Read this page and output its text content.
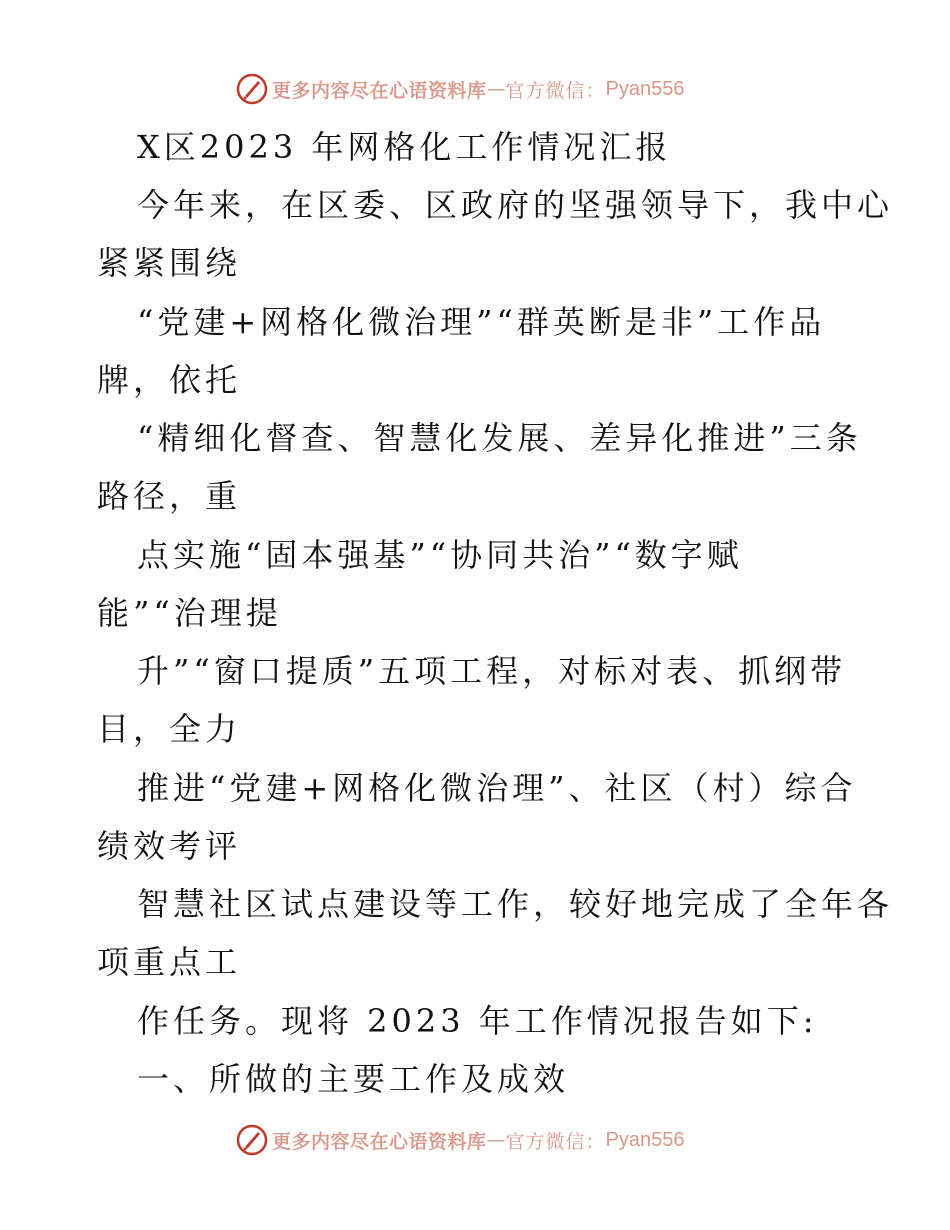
更多内容尽在心语资料库 — 官方微信： Pyan556
X区2023 年网格化工作情况汇报
今年来，在区委、区政府的坚强领导下，我中心
紧紧围绕
“党建+网格化微治理”“群英断是非”工作品
牌，依托
“精细化督查、智慧化发展、差异化推进”三条
路径，重
点实施“固本强基”“协同共治”“数字赋
能”“治理提
升”“窗口提质”五项工程，对标对表、抓纲带
目，全力
推进“党建+网格化微治理”、社区（村）综合
绩效考评
智慧社区试点建设等工作，较好地完成了全年各
项重点工
作任务。现将 2023 年工作情况报告如下:
一、所做的主要工作及成效
更多内容尽在心语资料库 — 官方微信： Pyan556
